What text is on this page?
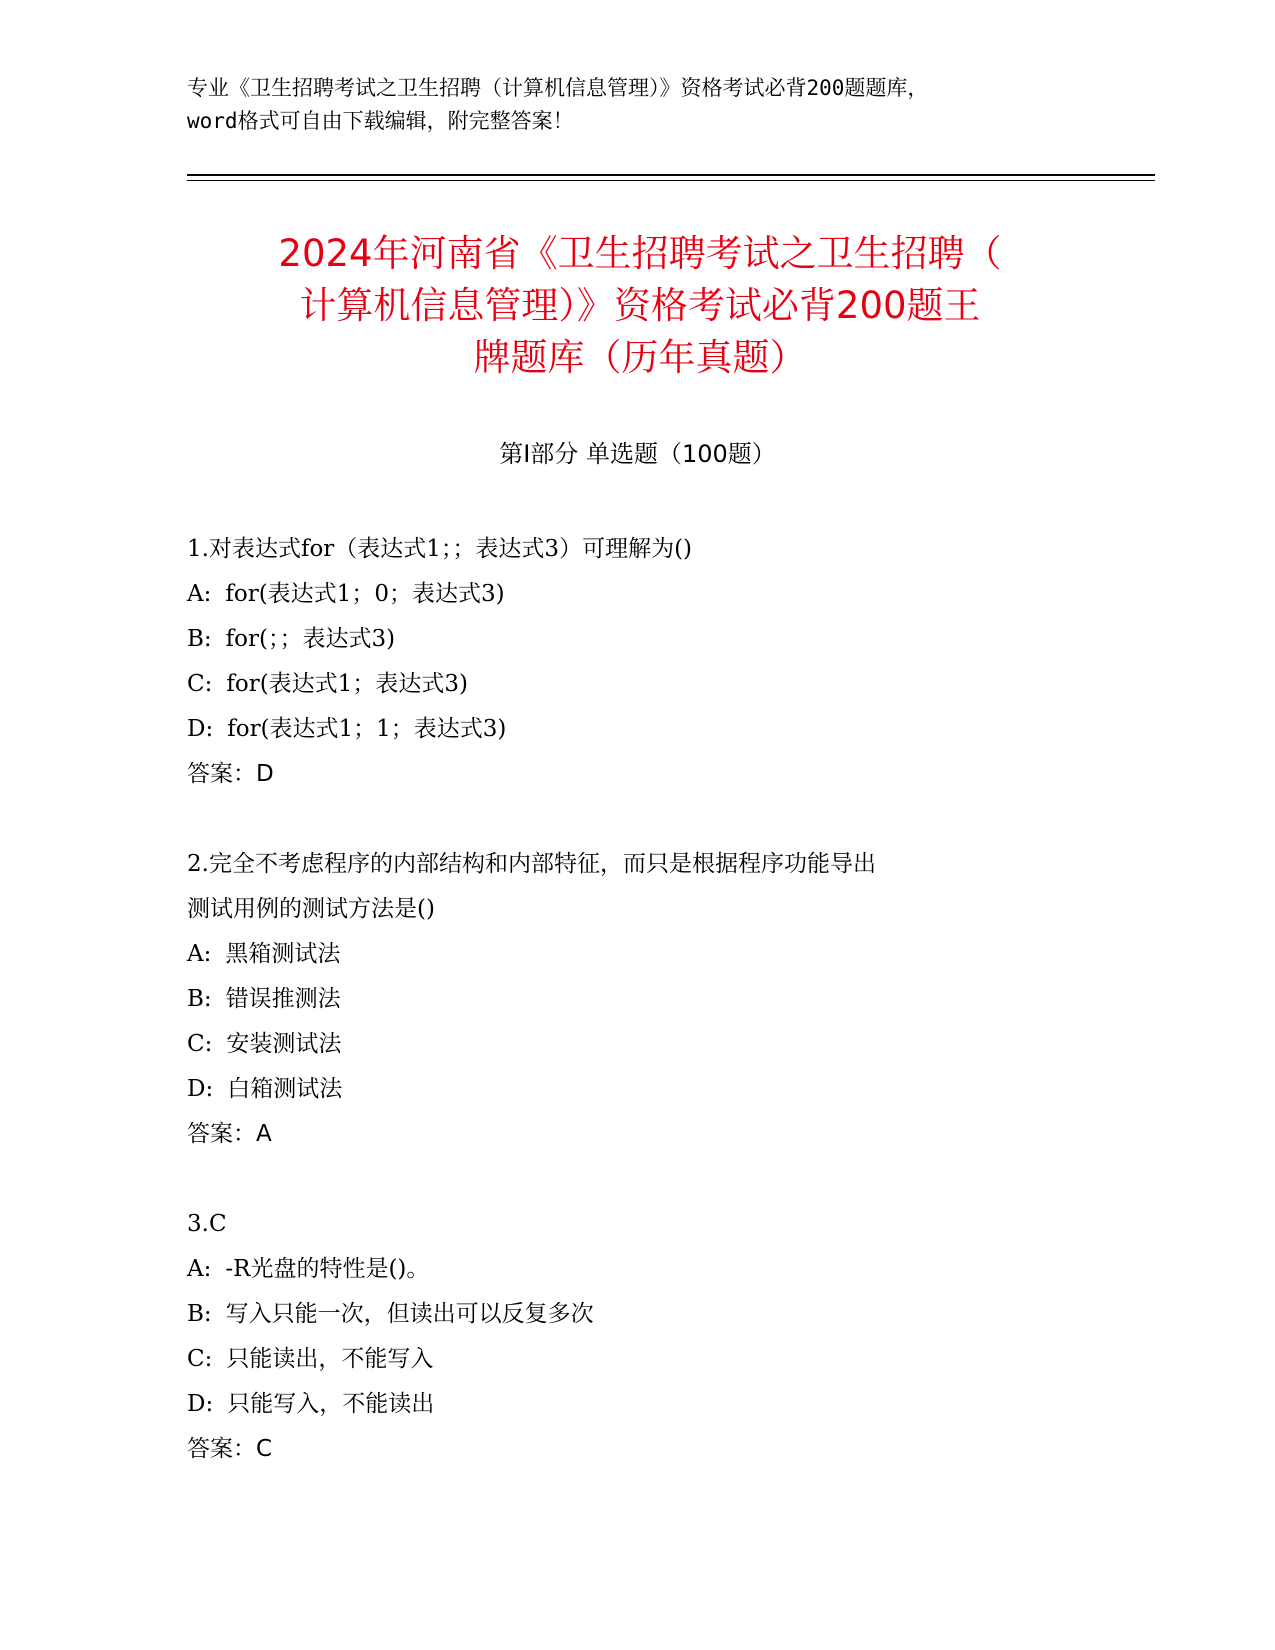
专业《卫生招聘考试之卫生招聘（计算机信息管理）》资格考试必背200题题库，
word格式可自由下载编辑，附完整答案！
2024年河南省《卫生招聘考试之卫生招聘（
计算机信息管理）》资格考试必背200题王
牌题库（历年真题）
第Ⅰ部分 单选题（100题）
1.对表达式for（表达式1；；表达式3）可理解为()
A: for(表达式1；0；表达式3)
B: for(；；表达式3)
C: for(表达式1；表达式3)
D: for(表达式1；1；表达式3)
答案：D
2.完全不考虑程序的内部结构和内部特征，而只是根据程序功能导出
测试用例的测试方法是()
A: 黑箱测试法
B: 错误推测法
C: 安装测试法
D: 白箱测试法
答案：A
3.C
A: -R光盘的特性是()。
B: 写入只能一次，但读出可以反复多次
C: 只能读出，不能写入
D: 只能写入，不能读出
答案：C
